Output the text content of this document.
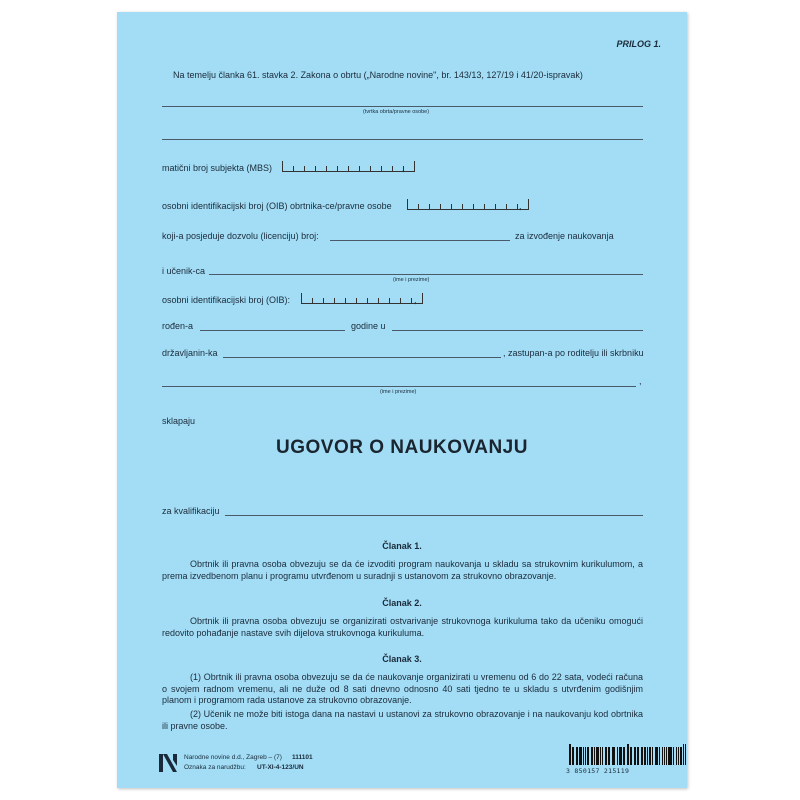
PRILOG 1.
Na temelju članka 61. stavka 2. Zakona o obrtu („Narodne novine", br. 143/13, 127/19 i 41/20-ispravak)
(tvrtka obrta/pravne osobe)
matični broj subjekta (MBS)	,
osobni identifikacijski broj (OIB) obrtnika-ce/pravne osobe	,
koji-a posjeduje dozvolu (licenciju) broj:	za izvođenje naukovanja
i učenik-ca
(ime i prezime)
osobni identifikacijski broj (OIB):	,
rođen-a	godine u
državljanin-ka	, zastupan-a po roditelju ili skrbniku
,
(ime i prezime)
sklapaju
UGOVOR O NAUKOVANJU
za kvalifikaciju
Članak 1.
Obrtnik ili pravna osoba obvezuju se da će izvoditi program naukovanja u skladu sa strukovnim kurikulumom, a prema izvedbenom planu i programu utvrđenom u suradnji s ustanovom za strukovno obrazovanje.
Članak 2.
Obrtnik ili pravna osoba obvezuju se organizirati ostvarivanje strukovnoga kurikuluma tako da učeniku omogući redovito pohađanje nastave svih dijelova strukovnoga kurikuluma.
Članak 3.
(1) Obrtnik ili pravna osoba obvezuju se da će naukovanje organizirati u vremenu od 6 do 22 sata, vodeći računa o svojem radnom vremenu, ali ne duže od 8 sati dnevno odnosno 40 sati tjedno te u skladu s utvrđenim godišnjim planom i programom rada ustanove za strukovno obrazovanje.
(2) Učenik ne može biti istoga dana na nastavi u ustanovi za strukovno obrazovanje i na naukovanju kod obrtnika ili pravne osobe.
Narodne novine d.d., Zagreb – (7) 111101
Oznaka za narudžbu: UT-XI-4-123/UN	3 850157 215119
